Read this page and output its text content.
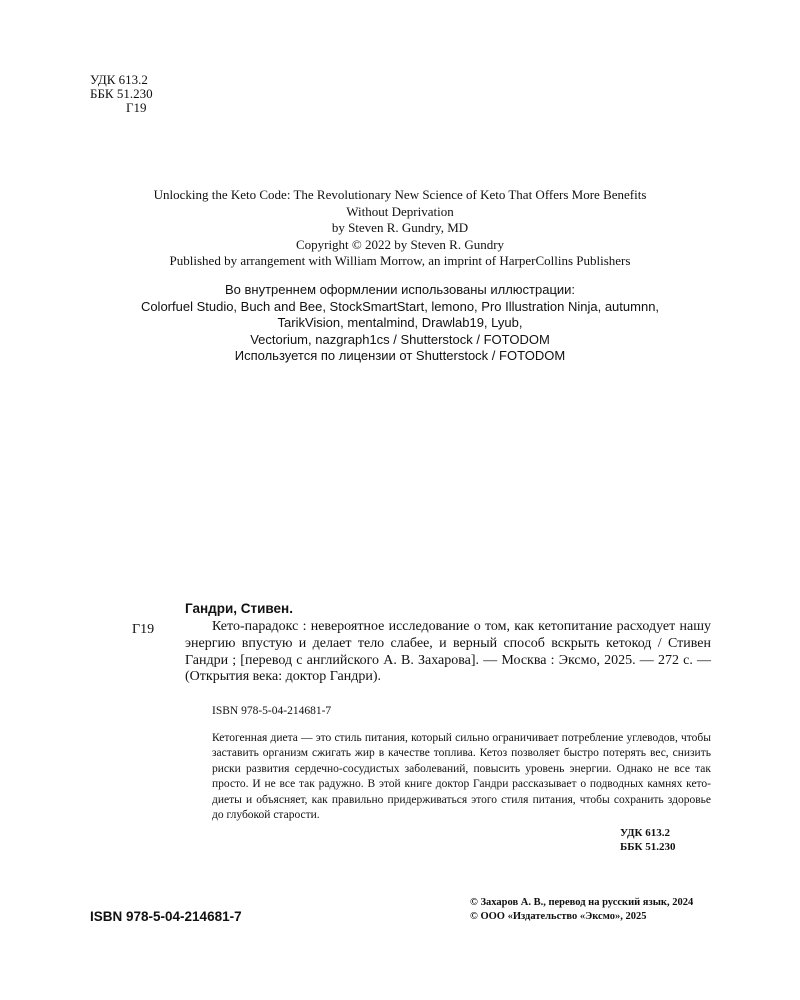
УДК 613.2
ББК 51.230
Г19
Unlocking the Keto Code: The Revolutionary New Science of Keto That Offers More Benefits
Without Deprivation
by Steven R. Gundry, MD
Copyright © 2022 by Steven R. Gundry
Published by arrangement with William Morrow, an imprint of HarperCollins Publishers
Во внутреннем оформлении использованы иллюстрации:
Colorfuel Studio, Buch and Bee, StockSmartStart, lemono, Pro Illustration Ninja, autumnn,
TarikVision, mentalmind, Drawlab19, Lyub,
Vectorium, nazgraph1cs / Shutterstock / FOTODOM
Используется по лицензии от Shutterstock / FOTODOM
Гандри, Стивен.
Г19	Кето-парадокс : невероятное исследование о том, как кетопитание расходует нашу энергию впустую и делает тело слабее, и верный способ вскрыть кетокод / Стивен Гандри ; [перевод с английского А. В. Захарова]. — Москва : Эксмо, 2025. — 272 с. — (Открытия века: доктор Гандри).

ISBN 978-5-04-214681-7

Кетогенная диета — это стиль питания, который сильно ограничивает потребление углеводов, чтобы заставить организм сжигать жир в качестве топлива. Кетоз позволяет быстро потерять вес, снизить риски развития сердечно-сосудистых заболеваний, повысить уровень энергии. Однако не все так просто. И не все так радужно. В этой книге доктор Гандри рассказывает о подводных камнях кето-диеты и объясняет, как правильно придерживаться этого стиля питания, чтобы сохранить здоровье до глубокой старости.

УДК 613.2
ББК 51.230
ISBN 978-5-04-214681-7
© Захаров А. В., перевод на русский язык, 2024
© ООО «Издательство «Эксмо», 2025
